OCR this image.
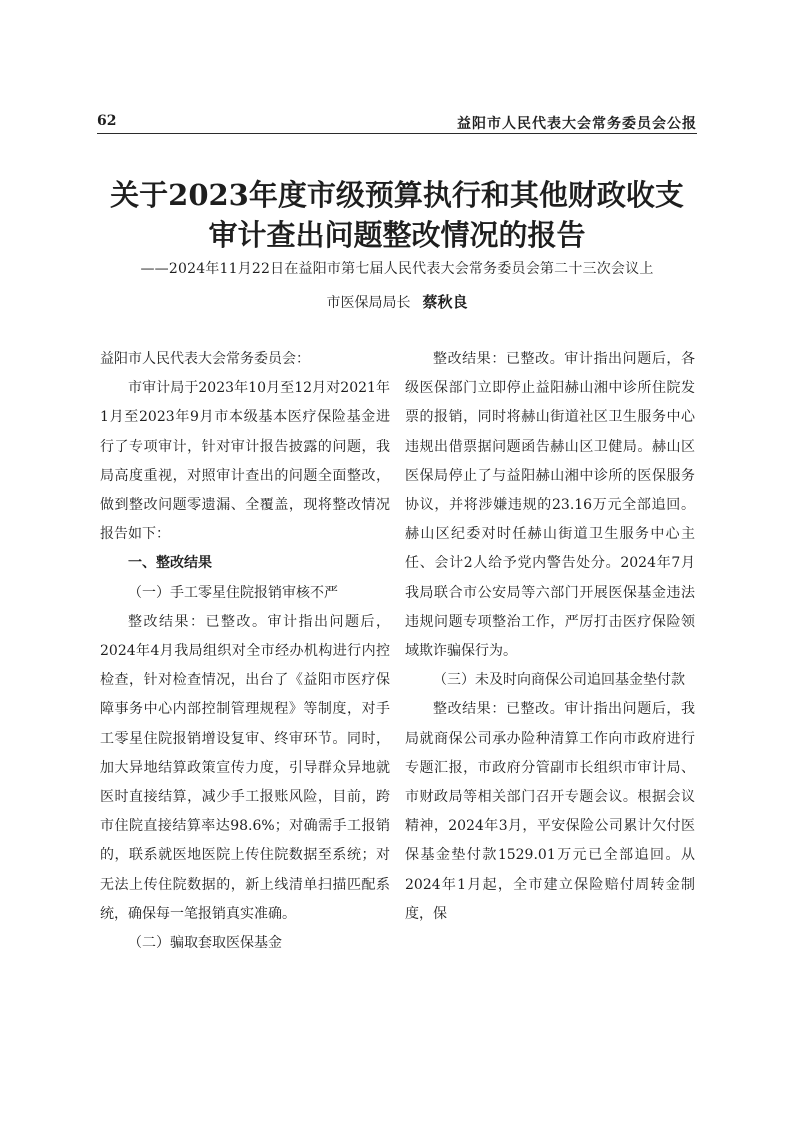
62	益阳市人民代表大会常务委员会公报
关于2023年度市级预算执行和其他财政收支
审计查出问题整改情况的报告
——2024年11月22日在益阳市第七届人民代表大会常务委员会第二十三次会议上
市医保局局长 蔡秋良

益阳市人民代表大会常务委员会：

市审计局于2023年10月至12月对2021年1月至2023年9月市本级基本医疗保险基金进行了专项审计，针对审计报告披露的问题，我局高度重视，对照审计查出的问题全面整改，做到整改问题零遗漏、全覆盖，现将整改情况报告如下：

一、整改结果

（一）手工零星住院报销审核不严

整改结果：已整改。审计指出问题后，2024年4月我局组织对全市经办机构进行内控检查，针对检查情况，出台了《益阳市医疗保障事务中心内部控制管理规程》等制度，对手工零星住院报销增设复审、终审环节。同时，加大异地结算政策宣传力度，引导群众异地就医时直接结算，减少手工报账风险，目前，跨市住院直接结算率达98.6%；对确需手工报销的，联系就医地医院上传住院数据至系统；对无法上传住院数据的，新上线清单扫描匹配系统，确保每一笔报销真实准确。

（二）骗取套取医保基金

整改结果：已整改。审计指出问题后，各级医保部门立即停止益阳赫山湘中诊所住院发票的报销，同时将赫山街道社区卫生服务中心违规出借票据问题函告赫山区卫健局。赫山区医保局停止了与益阳赫山湘中诊所的医保服务协议，并将涉嫌违规的23.16万元全部追回。赫山区纪委对时任赫山街道卫生服务中心主任、会计2人给予党内警告处分。2024年7月我局联合市公安局等六部门开展医保基金违法违规问题专项整治工作，严厉打击医疗保险领域欺诈骗保行为。

（三）未及时向商保公司追回基金垫付款

整改结果：已整改。审计指出问题后，我局就商保公司承办险种清算工作向市政府进行专题汇报，市政府分管副市长组织市审计局、市财政局等相关部门召开专题会议。根据会议精神，2024年3月，平安保险公司累计欠付医保基金垫付款1529.01万元已全部追回。从2024年1月起，全市建立保险赔付周转金制度，保
